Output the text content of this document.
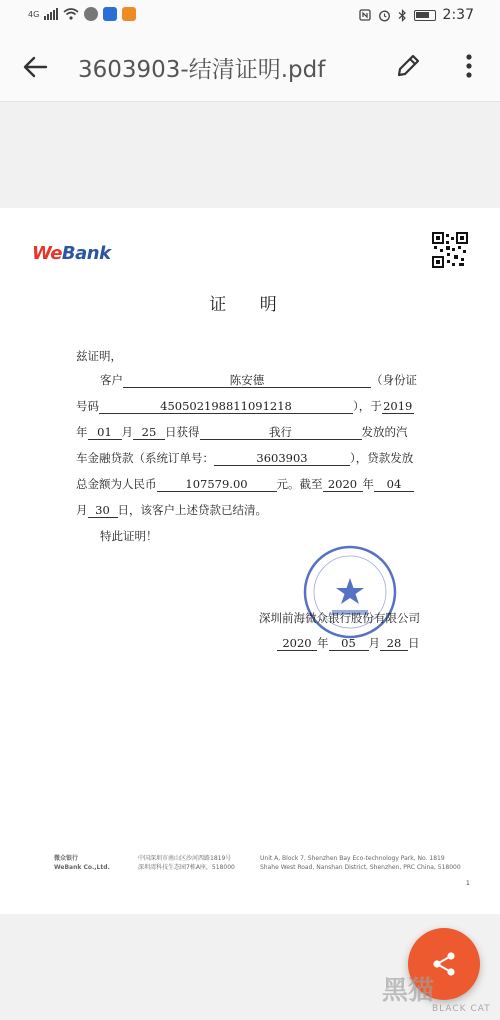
4G	2:37
3603903-结清证明.pdf
WeBank
证 明
兹证明，
客户	陈安德	（身份证
号码	450502198811091218	），于2019
年 01 月 25 日获得	我行	发放的汽
车金融贷款（系统订单号：	3603903	），贷款发放
总金额为人民币	107579.00	元。截至 2020 年 04
月 30 日，该客户上述贷款已结清。
特此证明！
深圳前海微众银行股份有限公司
2020 年 05 月 28 日
微众银行
WeBank Co.,Ltd.
中国深圳市南山区沙河西路1819号
深圳湾科技生态园7栋A座，518000
Unit A, Block 7, Shenzhen Bay Eco-technology Park, No. 1819
Shahe West Road, Nanshan District, Shenzhen, PRC China, 518000
1
黑猫
BLACK CAT
